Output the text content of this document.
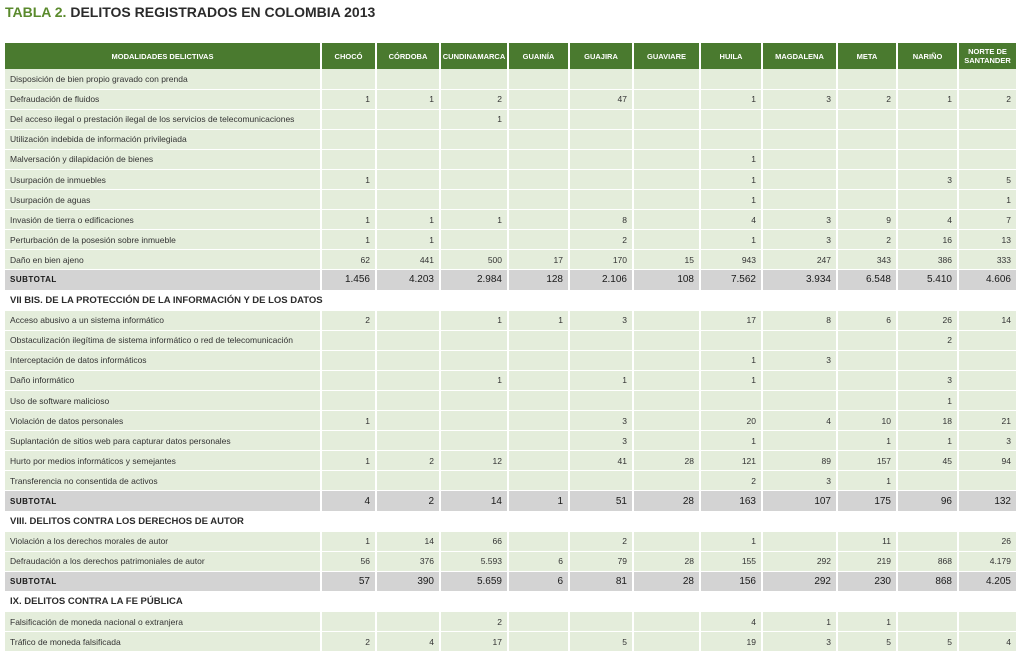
TABLA 2. DELITOS REGISTRADOS EN COLOMBIA 2013
MODALIDADES DELICTIVAS	CHOCÓ	CÓRDOBA	CUNDINAMARCA	GUAINÍA	GUAJIRA	GUAVIARE	HUILA	MAGDALENA	META	NARIÑO	NORTE DE SANTANDER
Disposición de bien propio gravado con prenda											
Defraudación de fluidos	1	1	2		47		1	3	2	1	2
Del acceso ilegal o prestación ilegal de los servicios de telecomunicaciones			1								
Utilización indebida de información privilegiada											
Malversación y dilapidación de bienes							1				
Usurpación de inmuebles	1						1			3	5
Usurpación de aguas							1				1
Invasión de tierra o edificaciones	1	1	1		8		4	3	9	4	7
Perturbación de la posesión sobre inmueble	1	1			2		1	3	2	16	13
Daño en bien ajeno	62	441	500	17	170	15	943	247	343	386	333
SUBTOTAL	1.456	4.203	2.984	128	2.106	108	7.562	3.934	6.548	5.410	4.606
VII BIS. DE LA PROTECCIÓN DE LA INFORMACIÓN Y DE LOS DATOS											
Acceso abusivo a un sistema informático	2		1	1	3		17	8	6	26	14
Obstaculización ilegítima de sistema informático o red de telecomunicación										2	
Interceptación de datos informáticos							1	3			
Daño informático			1		1		1			3	
Uso de software malicioso										1	
Violación de datos personales	1				3		20	4	10	18	21
Suplantación de sitios web para capturar datos personales					3		1		1	1	3
Hurto por medios informáticos y semejantes	1	2	12		41	28	121	89	157	45	94
Transferencia no consentida de activos							2	3	1		
SUBTOTAL	4	2	14	1	51	28	163	107	175	96	132
VIII. DELITOS CONTRA LOS DERECHOS DE AUTOR											
Violación a los derechos morales de autor	1	14	66		2		1		11		26
Defraudación a los derechos patrimoniales de autor	56	376	5.593	6	79	28	155	292	219	868	4.179
SUBTOTAL	57	390	5.659	6	81	28	156	292	230	868	4.205
IX. DELITOS CONTRA LA FE PÚBLICA											
Falsificación de moneda nacional o extranjera			2				4	1	1		
Tráfico de moneda falsificada	2	4	17		5		19	3	5	5	4
